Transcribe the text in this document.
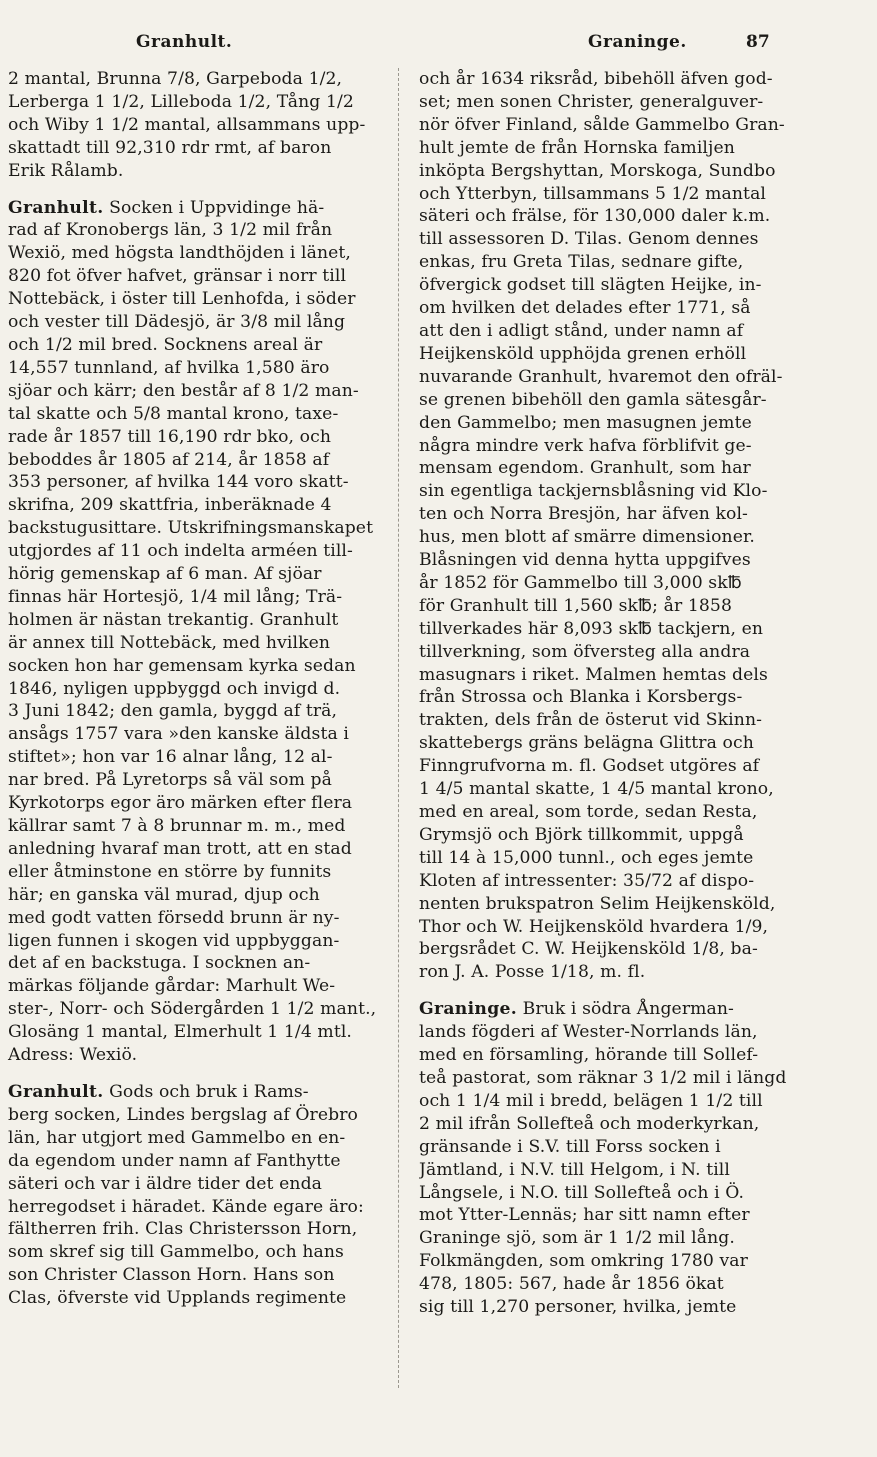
Granhult.	Graninge.	87
2 mantal, Brunna 7/8, Garpeboda 1/2,
Lerberga 1 1/2, Lilleboda 1/2, Tång 1/2
och Wiby 1 1/2 mantal, allsammans upp-
skattadt till 92,310 rdr rmt, af baron
Erik Rålamb.
Granhult. Socken i Uppvidinge hä-
rad af Kronobergs län, 3 1/2 mil från
Wexiö, med högsta landthöjden i länet,
820 fot öfver hafvet, gränsar i norr till
Nottebäck, i öster till Lenhofda, i söder
och vester till Dädesjö, är 3/8 mil lång
och 1/2 mil bred. Socknens areal är
14,557 tunnland, af hvilka 1,580 äro
sjöar och kärr; den består af 8 1/2 man-
tal skatte och 5/8 mantal krono, taxe-
rade år 1857 till 16,190 rdr bko, och
beboddes år 1805 af 214, år 1858 af
353 personer, af hvilka 144 voro skatt-
skrifna, 209 skattfria, inberäknade 4
backstugusittare. Utskrifningsmanskapet
utgjordes af 11 och indelta arméen till-
hörig gemenskap af 6 man. Af sjöar
finnas här Hortesjö, 1/4 mil lång; Trä-
holmen är nästan trekantig. Granhult
är annex till Nottebäck, med hvilken
socken hon har gemensam kyrka sedan
1846, nyligen uppbyggd och invigd d.
3 Juni 1842; den gamla, byggd af trä,
ansågs 1757 vara »den kanske äldsta i
stiftet»; hon var 16 alnar lång, 12 al-
nar bred. På Lyretorps så väl som på
Kyrkotorps egor äro märken efter flera
källrar samt 7 à 8 brunnar m. m., med
anledning hvaraf man trott, att en stad
eller åtminstone en större by funnits
här; en ganska väl murad, djup och
med godt vatten försedd brunn är ny-
ligen funnen i skogen vid uppbyggan-
det af en backstuga. I socknen an-
märkas följande gårdar: Marhult We-
ster-, Norr- och Södergården 1 1/2 mant.,
Glosäng 1 mantal, Elmerhult 1 1/4 mtl.
Adress: Wexiö.
Granhult. Gods och bruk i Rams-
berg socken, Lindes bergslag af Örebro
län, har utgjort med Gammelbo en en-
da egendom under namn af Fanthytte
säteri och var i äldre tider det enda
herregodset i häradet. Kände egare äro:
fältherren frih. Clas Christersson Horn,
som skref sig till Gammelbo, och hans
son Christer Classon Horn. Hans son
Clas, öfverste vid Upplands regimente
och år 1634 riksråd, bibehöll äfven god-
set; men sonen Christer, generalguver-
nör öfver Finland, sålde Gammelbo Gran-
hult jemte de från Hornska familjen
inköpta Bergshyttan, Morskoga, Sundbo
och Ytterbyn, tillsammans 5 1/2 mantal
säteri och frälse, för 130,000 daler k.m.
till assessoren D. Tilas. Genom dennes
enkas, fru Greta Tilas, sednare gifte,
öfvergick godset till slägten Heijke, in-
om hvilken det delades efter 1771, så
att den i adligt stånd, under namn af
Heijkensköld upphöjda grenen erhöll
nuvarande Granhult, hvaremot den ofräl-
se grenen bibehöll den gamla sätesgår-
den Gammelbo; men masugnen jemte
några mindre verk hafva förblifvit ge-
mensam egendom. Granhult, som har
sin egentliga tackjernsblåsning vid Klo-
ten och Norra Bresjön, har äfven kol-
hus, men blott af smärre dimensioner.
Blåsningen vid denna hytta uppgifves
år 1852 för Gammelbo till 3,000 sk℔
för Granhult till 1,560 sk℔; år 1858
tillverkades här 8,093 sk℔ tackjern, en
tillverkning, som öfversteg alla andra
masugnars i riket. Malmen hemtas dels
från Strossa och Blanka i Korsbergs-
trakten, dels från de österut vid Skinn-
skattebergs gräns belägna Glittra och
Finngrufvorna m. fl. Godset utgöres af
1 4/5 mantal skatte, 1 4/5 mantal krono,
med en areal, som torde, sedan Resta,
Grymsjö och Björk tillkommit, uppgå
till 14 à 15,000 tunnl., och eges jemte
Kloten af intressenter: 35/72 af dispo-
nenten brukspatron Selim Heijkensköld,
Thor och W. Heijkensköld hvardera 1/9,
bergsrådet C. W. Heijkensköld 1/8, ba-
ron J. A. Posse 1/18, m. fl.
Graninge. Bruk i södra Ångerman-
lands fögderi af Wester-Norrlands län,
med en församling, hörande till Sollef-
teå pastorat, som räknar 3 1/2 mil i längd
och 1 1/4 mil i bredd, belägen 1 1/2 till
2 mil ifrån Sollefteå och moderkyrkan,
gränsande i S.V. till Forss socken i
Jämtland, i N.V. till Helgom, i N. till
Långsele, i N.O. till Sollefteå och i Ö.
mot Ytter-Lennäs; har sitt namn efter
Graninge sjö, som är 1 1/2 mil lång.
Folkmängden, som omkring 1780 var
478, 1805: 567, hade år 1856 ökat
sig till 1,270 personer, hvilka, jemte
